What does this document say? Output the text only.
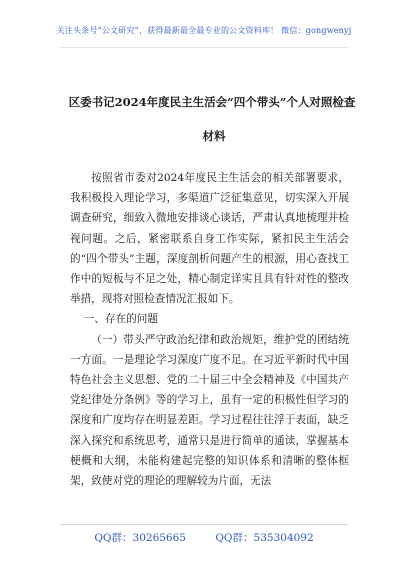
关注头条号“公文研究”，获得最新最全最专业的公文资料库！ 微信：gongwenyj
区委书记2024年度民主生活会“四个带头”个人对照检查
材料

按照省市委对2024年度民主生活会的相关部署要求，我积极投入理论学习，多渠道广泛征集意见，切实深入开展调查研究，细致入微地安排谈心谈话，严肃认真地梳理并检视问题。之后，紧密联系自身工作实际，紧扣民主生活会的“四个带头”主题，深度剖析问题产生的根源，用心查找工作中的短板与不足之处，精心制定详实且具有针对性的整改举措，现将对照检查情况汇报如下。

一、存在的问题

（一）带头严守政治纪律和政治规矩，维护党的团结统一方面。一是理论学习深度广度不足。在习近平新时代中国特色社会主义思想、党的二十届三中全会精神及《中国共产党纪律处分条例》等的学习上，虽有一定的积极性但学习的深度和广度均存在明显差距。学习过程往往浮于表面，缺乏深入探究和系统思考，通常只是进行简单的通读，掌握基本梗概和大纲，未能构建起完整的知识体系和清晰的整体框架，致使对党的理论的理解较为片面，无法

QQ群：30265665	QQ群：535304092
